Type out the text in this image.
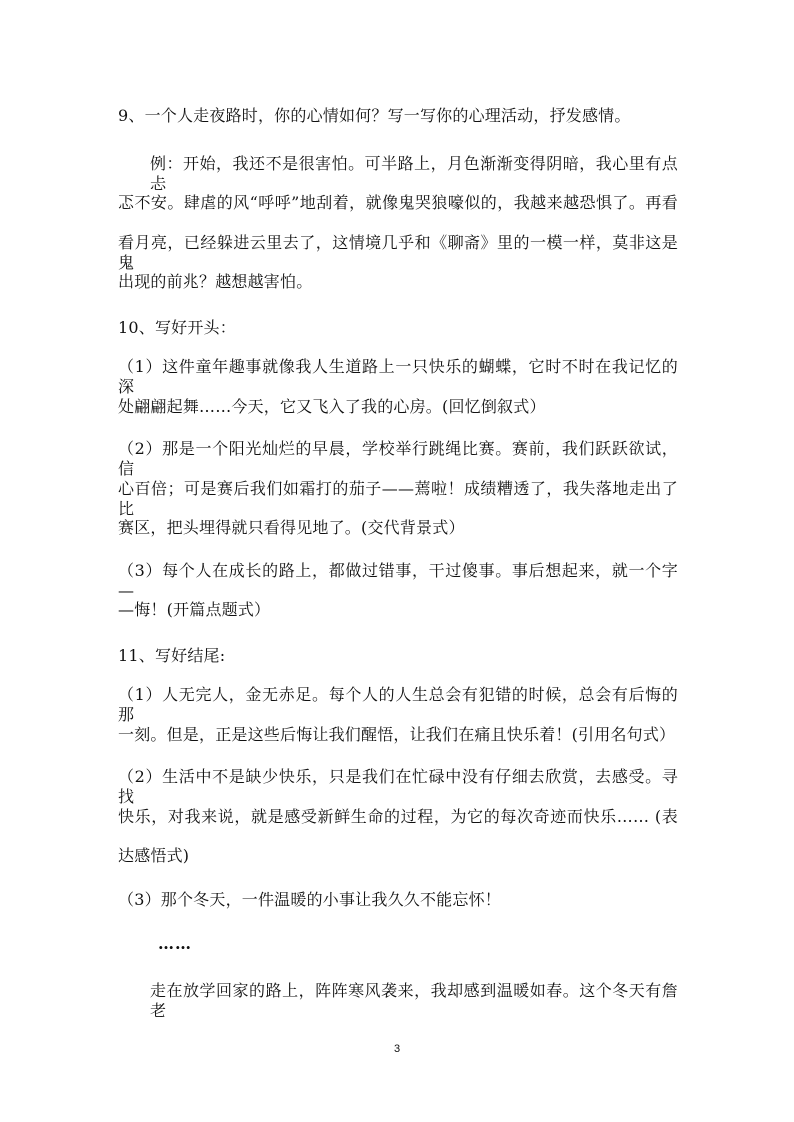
9、一个人走夜路时，你的心情如何？写一写你的心理活动，抒发感情。
例：开始，我还不是很害怕。可半路上，月色渐渐变得阴暗，我心里有点忐
忑不安。肆虐的风“呼呼”地刮着，就像鬼哭狼嚎似的，我越来越恐惧了。再看
看月亮，已经躲进云里去了，这情境几乎和《聊斋》里的一模一样，莫非这是鬼
出现的前兆？越想越害怕。
10、写好开头：
（1）这件童年趣事就像我人生道路上一只快乐的蝴蝶，它时不时在我记忆的深
处翩翩起舞……今天，它又飞入了我的心房。(回忆倒叙式）
（2）那是一个阳光灿烂的早晨，学校举行跳绳比赛。赛前，我们跃跃欲试，信
心百倍；可是赛后我们如霜打的茄子——蔫啦！成绩糟透了，我失落地走出了比
赛区，把头埋得就只看得见地了。(交代背景式）
（3）每个人在成长的路上，都做过错事，干过傻事。事后想起来，就一个字—
—悔！(开篇点题式）
11、写好结尾:
（1）人无完人，金无赤足。每个人的人生总会有犯错的时候，总会有后悔的那
一刻。但是，正是这些后悔让我们醒悟，让我们在痛且快乐着！(引用名句式）
（2）生活中不是缺少快乐，只是我们在忙碌中没有仔细去欣赏，去感受。寻找
快乐，对我来说，就是感受新鲜生命的过程，为它的每次奇迹而快乐…… (表
达感悟式)
（3）那个冬天，一件温暖的小事让我久久不能忘怀！
……
走在放学回家的路上，阵阵寒风袭来，我却感到温暖如春。这个冬天有詹老
3
